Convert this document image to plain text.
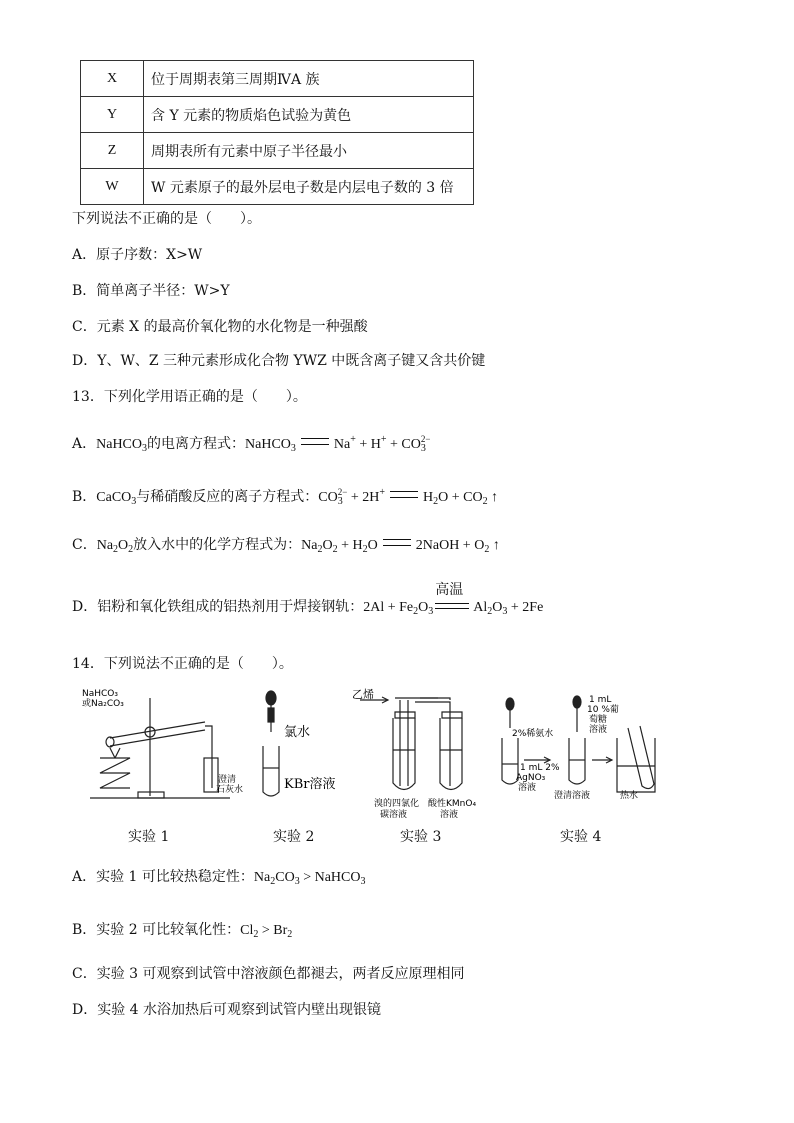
X	位于周期表第三周期ⅣA 族
Y	含 Y 元素的物质焰色试验为黄色
Z	周期表所有元素中原子半径最小
W	W 元素原子的最外层电子数是内层电子数的 3 倍
下列说法不正确的是（　　）。
A．原子序数：X>W
B．简单离子半径：W>Y
C．元素 X 的最高价氧化物的水化物是一种强酸
D．Y、W、Z 三种元素形成化合物 YWZ 中既含离子键又含共价键
13．下列化学用语正确的是（　　）。
A．NaHCO$_3$的电离方程式：NaHCO$_3$	$Na^+ + H^+ + CO_3^{2-}$
B．CaCO$_3$与稀硝酸反应的离子方程式：$CO_3^{2-} + 2H^+$	$H_2O + CO_2$ ↑
C．$Na_2O_2$放入水中的化学方程式为：$Na_2O_2 + H_2O$	2NaOH + $O_2$ ↑
D．铝粉和氧化铁组成的铝热剂用于焊接钢轨：$2Al + Fe_2O_3$
高温
$Al_2O_3 + 2Fe$
14．下列说法不正确的是（　　）。
NaHCO₃ 或Na₂CO₃
澄清石灰水
氯水
KBr溶液
乙烯
溴的四氯化碳溶液
酸性KMnO₄ 溶液
2%稀氨水
1 mL 2% AgNO₃ 溶液
1 mL 10 %葡萄糖溶液
澄清溶液	热水
实验 1	实验 2	实验 3	实验 4
A．实验 1 可比较热稳定性：$Na_2CO_3$ > NaHCO$_3$
B．实验 2 可比较氧化性：$Cl_2 > Br_2$
C．实验 3 可观察到试管中溶液颜色都褪去，两者反应原理相同
D．实验 4 水浴加热后可观察到试管内壁出现银镜
